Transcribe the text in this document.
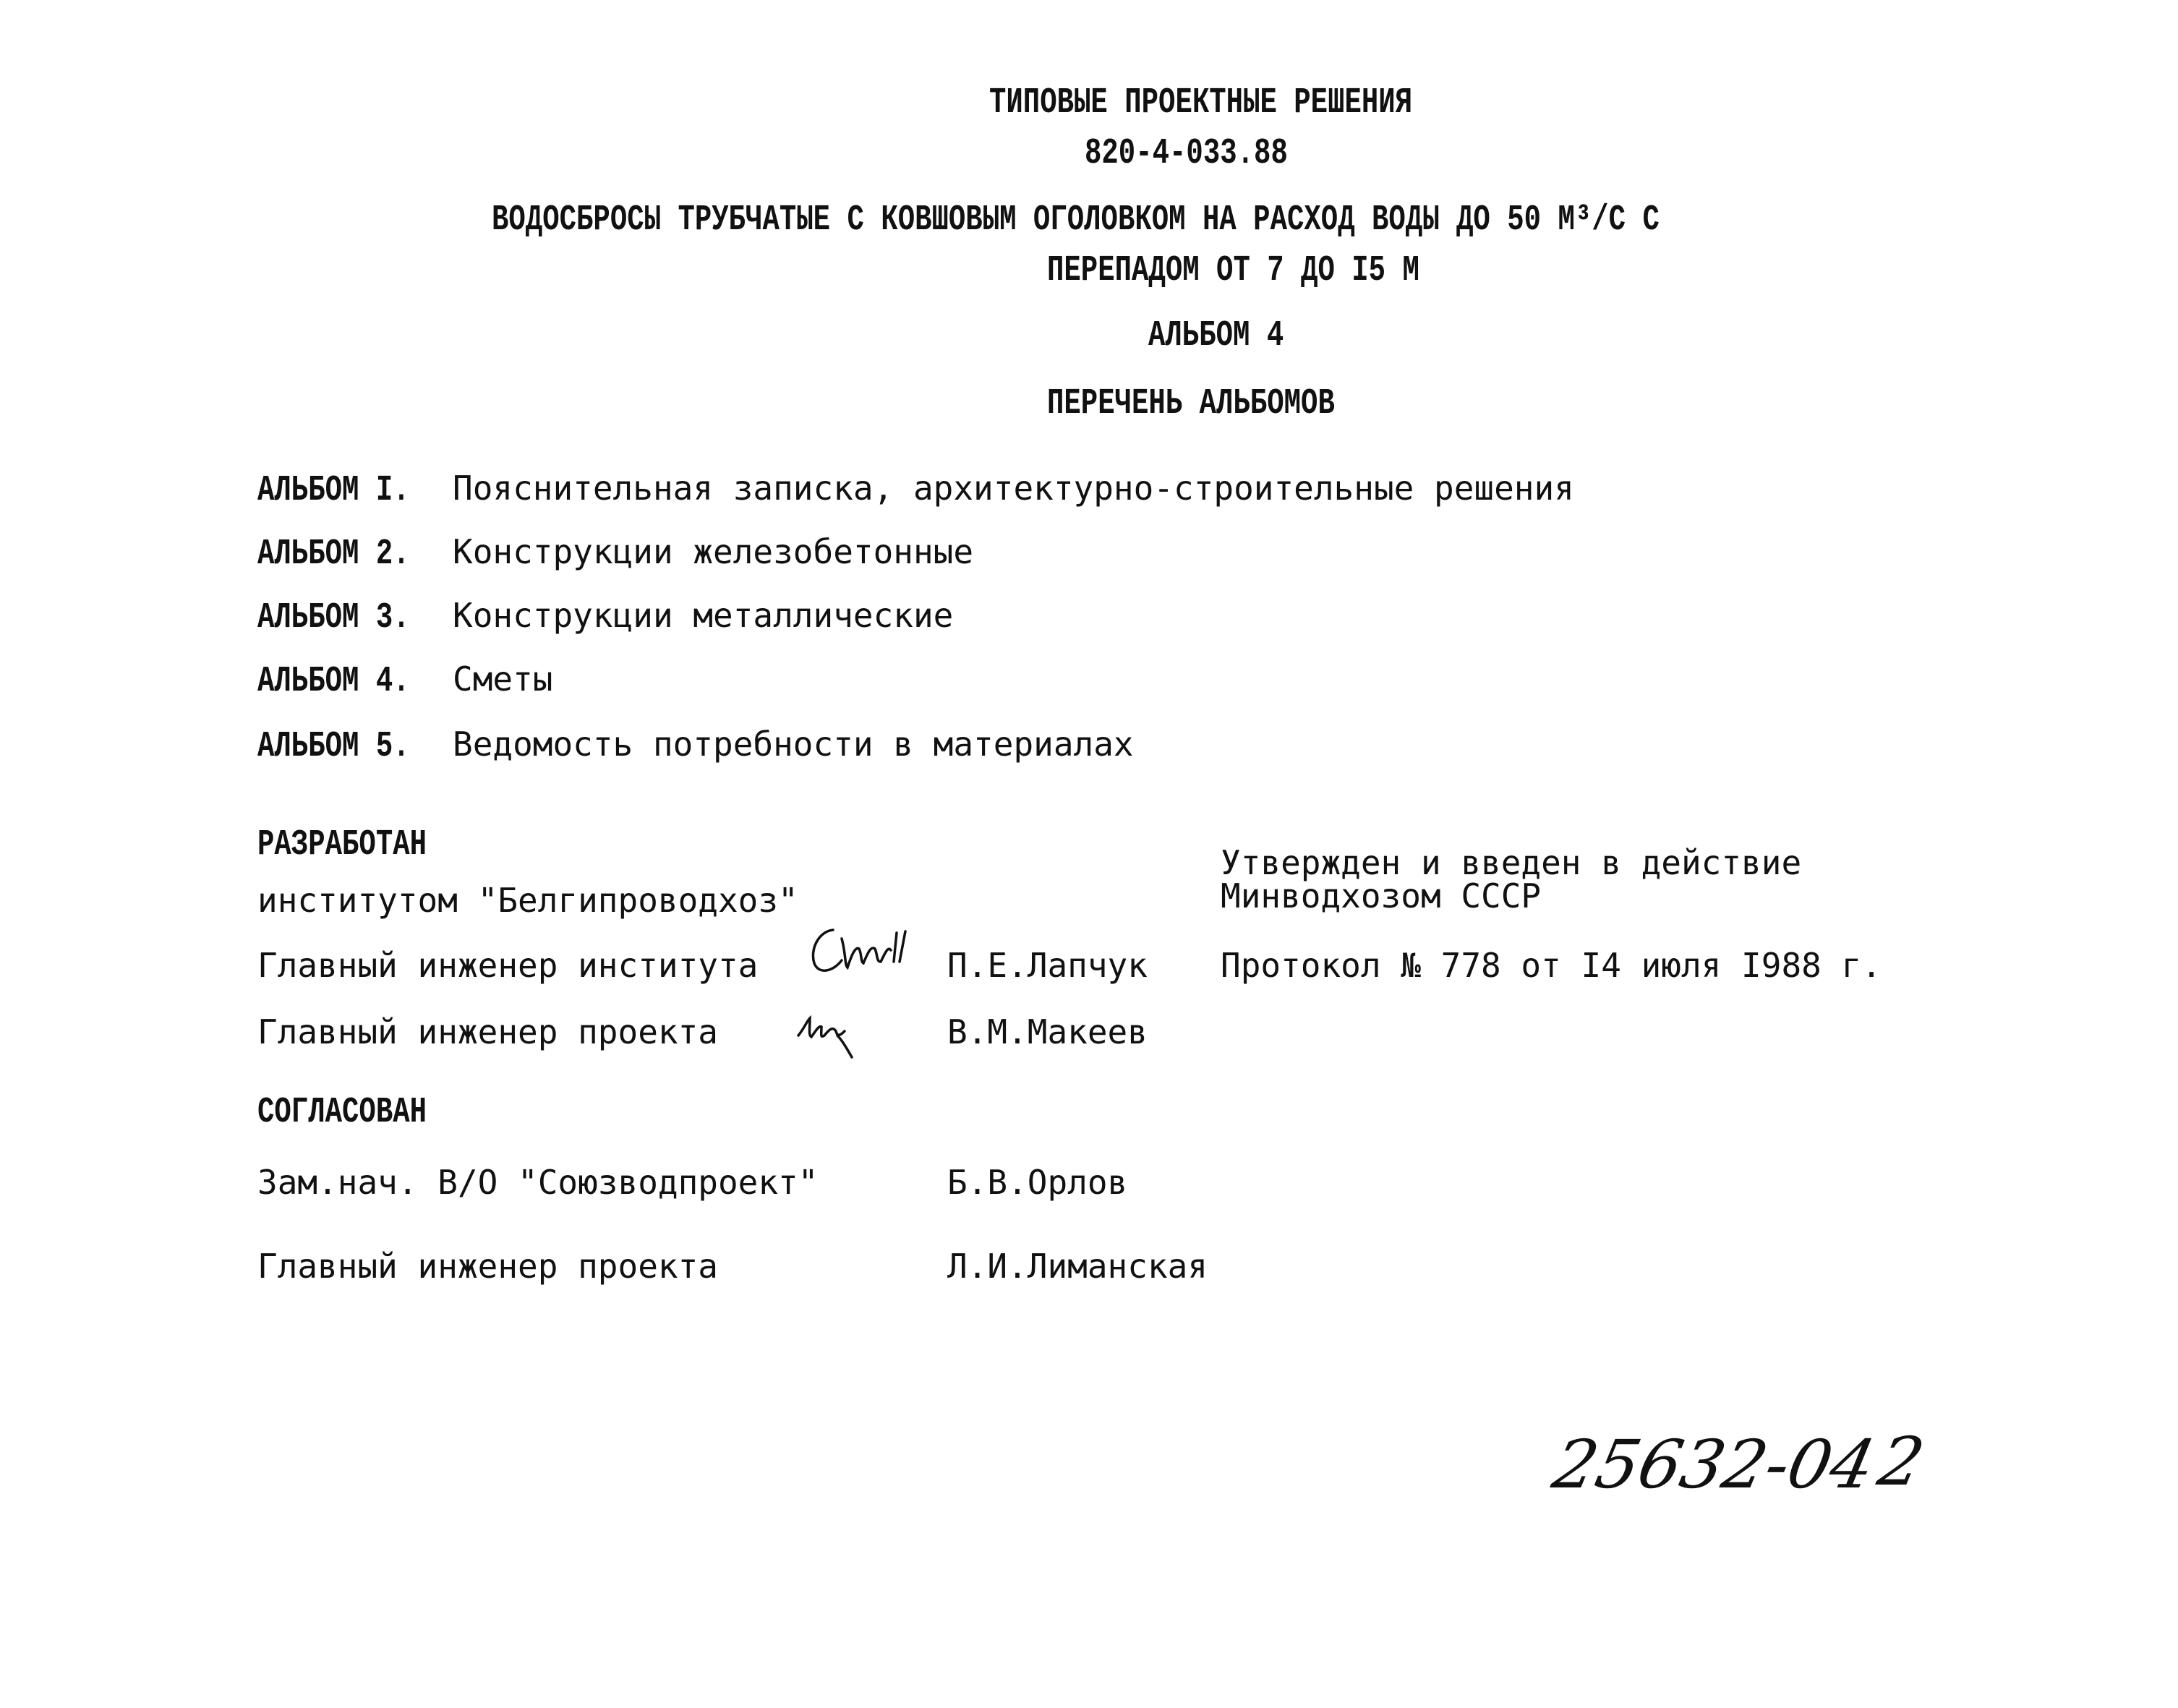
ТИПОВЫЕ ПРОЕКТНЫЕ РЕШЕНИЯ
820-4-033.88
ВОДОСБРОСЫ ТРУБЧАТЫЕ С КОВШОВЫМ ОГОЛОВКОМ НА РАСХОД ВОДЫ ДО 50 М³/С С
ПЕРЕПАДОМ ОТ 7 ДО I5 М
АЛЬБОМ 4
ПЕРЕЧЕНЬ АЛЬБОМОВ
АЛЬБОМ I.	Пояснительная записка, архитектурно-строительные решения
АЛЬБОМ 2.	Конструкции железобетонные
АЛЬБОМ 3.	Конструкции металлические
АЛЬБОМ 4.	Сметы
АЛЬБОМ 5.	Ведомость потребности в материалах
РАЗРАБОТАН
институтом "Белгипроводхоз"
Главный инженер института	П.Е.Лапчук
Главный инженер проекта	В.М.Макеев
Утвержден и введен в действие
Минводхозом СССР
Протокол № 778 от I4 июля I988 г.
СОГЛАСОВАН
Зам.нач. В/О "Союзводпроект"	Б.В.Орлов
Главный инженер проекта	Л.И.Лиманская
25632-04
2
